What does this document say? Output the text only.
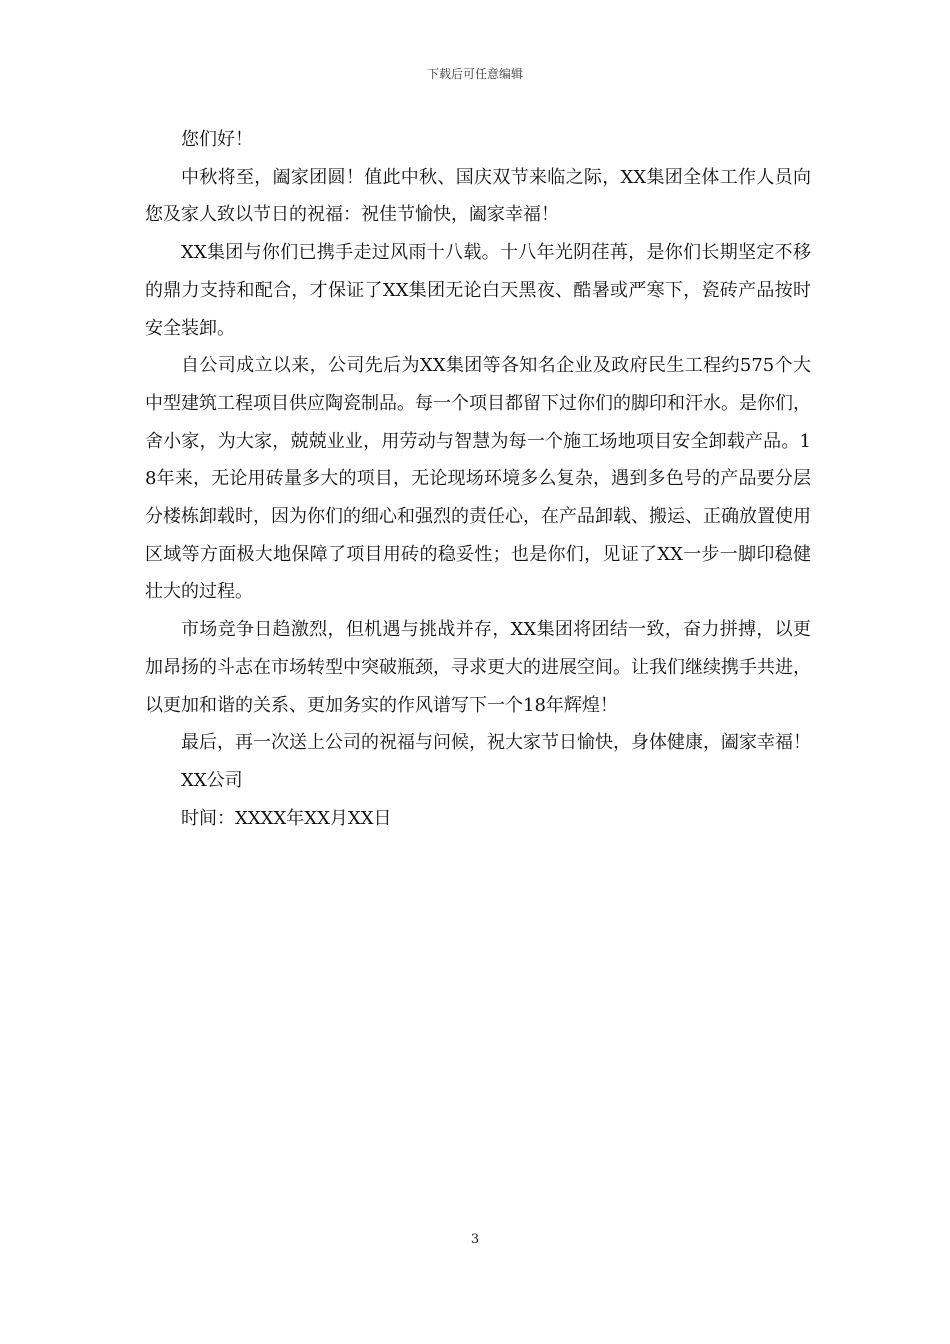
下载后可任意编辑

您们好！

中秋将至，阖家团圆！值此中秋、国庆双节来临之际，XX集团全体工作人员向您及家人致以节日的祝福：祝佳节愉快，阖家幸福！

XX集团与你们已携手走过风雨十八载。十八年光阴荏苒，是你们长期坚定不移的鼎力支持和配合，才保证了XX集团无论白天黑夜、酷暑或严寒下，瓷砖产品按时安全装卸。

自公司成立以来，公司先后为XX集团等各知名企业及政府民生工程约575个大中型建筑工程项目供应陶瓷制品。每一个项目都留下过你们的脚印和汗水。是你们，舍小家，为大家，兢兢业业，用劳动与智慧为每一个施工场地项目安全卸载产品。18年来，无论用砖量多大的项目，无论现场环境多么复杂，遇到多色号的产品要分层分楼栋卸载时，因为你们的细心和强烈的责任心，在产品卸载、搬运、正确放置使用区域等方面极大地保障了项目用砖的稳妥性；也是你们，见证了XX一步一脚印稳健壮大的过程。

市场竞争日趋激烈，但机遇与挑战并存，XX集团将团结一致，奋力拼搏，以更加昂扬的斗志在市场转型中突破瓶颈，寻求更大的进展空间。让我们继续携手共进，以更加和谐的关系、更加务实的作风谱写下一个18年辉煌！

最后，再一次送上公司的祝福与问候，祝大家节日愉快，身体健康，阖家幸福！

XX公司

时间：XXXX年XX月XX日

3
